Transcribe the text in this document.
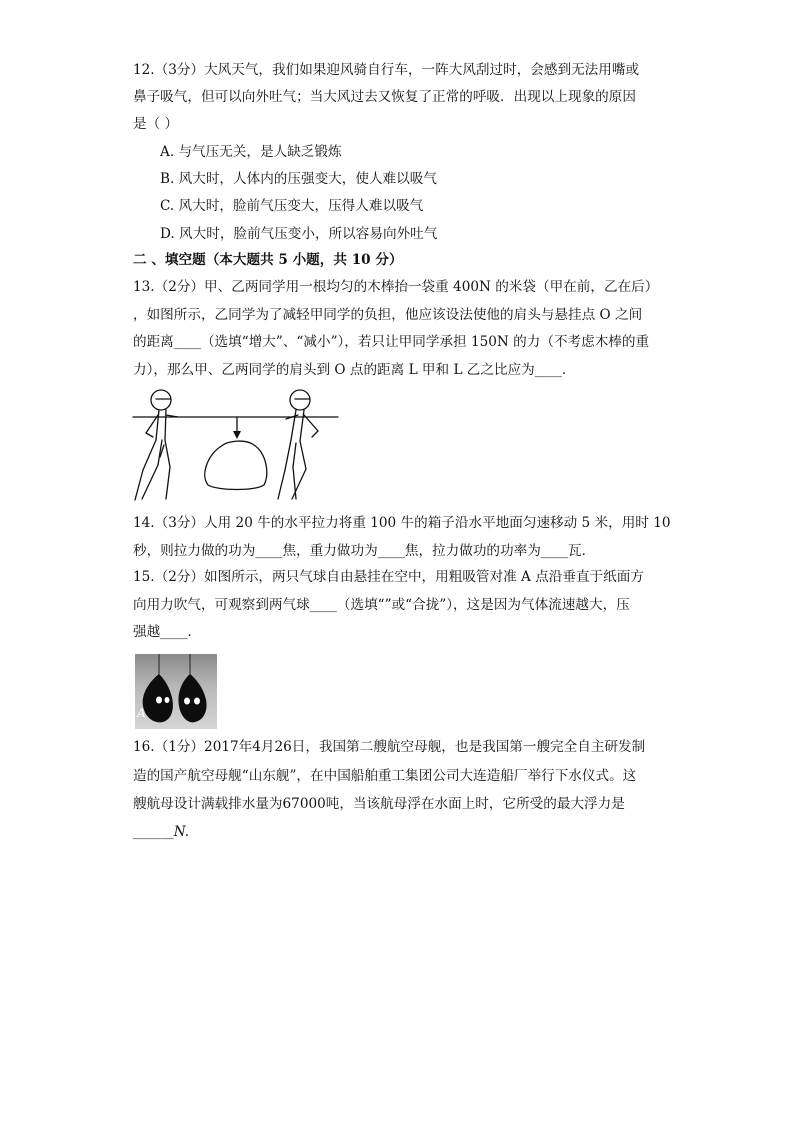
12.（3分）大风天气，我们如果迎风骑自行车，一阵大风刮过时，会感到无法用嘴或
鼻子吸气，但可以向外吐气；当大风过去又恢复了正常的呼吸．出现以上现象的原因
是（ ）
A. 与气压无关，是人缺乏锻炼
B. 风大时，人体内的压强变大，使人难以吸气
C. 风大时，脸前气压变大，压得人难以吸气
D. 风大时，脸前气压变小，所以容易向外吐气
二 、填空题（本大题共 5 小题，共 10 分）
13.（2分）甲、乙两同学用一根均匀的木棒抬一袋重 400N 的米袋（甲在前，乙在后）
，如图所示，乙同学为了减轻甲同学的负担，他应该设法使他的肩头与悬挂点 O 之间
的距离____（选填“增大”、“减小”），若只让甲同学承担 150N 的力（不考虑木棒的重
力），那么甲、乙两同学的肩头到 O 点的距离 L 甲和 L 乙之比应为____．
14.（3分）人用 20 牛的水平拉力将重 100 牛的箱子沿水平地面匀速移动 5 米，用时 10
秒，则拉力做的功为____焦，重力做功为____焦，拉力做功的功率为____瓦．
15.（2分）如图所示，两只气球自由悬挂在空中，用粗吸管对准 A 点沿垂直于纸面方
向用力吹气，可观察到两气球____（选填“”或“合拢”），这是因为气体流速越大，压
强越____．
A
16.（1分）2017年4月26日，我国第二艘航空母舰，也是我国第一艘完全自主研发制
造的国产航空母舰“山东舰”，在中国船舶重工集团公司大连造船厂举行下水仪式。这
艘航母设计满载排水量为67000吨，当该航母浮在水面上时，它所受的最大浮力是
______N.
